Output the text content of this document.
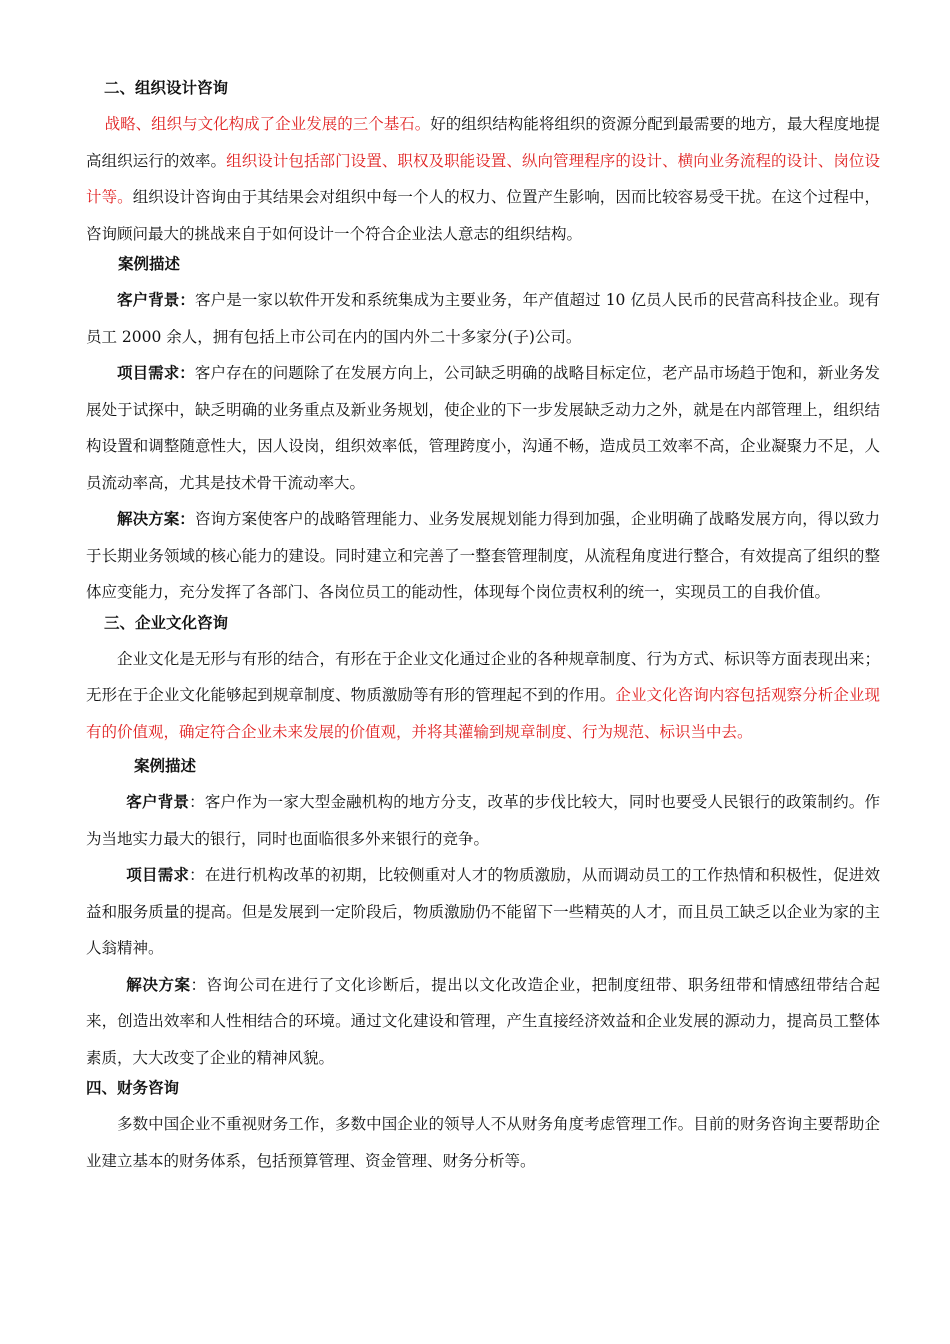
二、组织设计咨询

战略、组织与文化构成了企业发展的三个基石。好的组织结构能将组织的资源分配到最需要的地方，最大程度地提高组织运行的效率。组织设计包括部门设置、职权及职能设置、纵向管理程序的设计、横向业务流程的设计、岗位设计等。组织设计咨询由于其结果会对组织中每一个人的权力、位置产生影响，因而比较容易受干扰。在这个过程中，咨询顾问最大的挑战来自于如何设计一个符合企业法人意志的组织结构。

案例描述

客户背景：客户是一家以软件开发和系统集成为主要业务，年产值超过 10 亿员人民币的民营高科技企业。现有员工 2000 余人，拥有包括上市公司在内的国内外二十多家分(子)公司。

项目需求：客户存在的问题除了在发展方向上，公司缺乏明确的战略目标定位，老产品市场趋于饱和，新业务发展处于试探中，缺乏明确的业务重点及新业务规划，使企业的下一步发展缺乏动力之外，就是在内部管理上，组织结构设置和调整随意性大，因人设岗，组织效率低，管理跨度小，沟通不畅，造成员工效率不高，企业凝聚力不足，人员流动率高，尤其是技术骨干流动率大。

解决方案：咨询方案使客户的战略管理能力、业务发展规划能力得到加强，企业明确了战略发展方向，得以致力于长期业务领域的核心能力的建设。同时建立和完善了一整套管理制度，从流程角度进行整合，有效提高了组织的整体应变能力，充分发挥了各部门、各岗位员工的能动性，体现每个岗位责权利的统一，实现员工的自我价值。

三、企业文化咨询

企业文化是无形与有形的结合，有形在于企业文化通过企业的各种规章制度、行为方式、标识等方面表现出来；无形在于企业文化能够起到规章制度、物质激励等有形的管理起不到的作用。企业文化咨询内容包括观察分析企业现有的价值观，确定符合企业未来发展的价值观，并将其灌输到规章制度、行为规范、标识当中去。

案例描述

客户背景：客户作为一家大型金融机构的地方分支，改革的步伐比较大，同时也要受人民银行的政策制约。作为当地实力最大的银行，同时也面临很多外来银行的竞争。

项目需求：在进行机构改革的初期，比较侧重对人才的物质激励，从而调动员工的工作热情和积极性，促进效益和服务质量的提高。但是发展到一定阶段后，物质激励仍不能留下一些精英的人才，而且员工缺乏以企业为家的主人翁精神。

解决方案：咨询公司在进行了文化诊断后，提出以文化改造企业，把制度纽带、职务纽带和情感纽带结合起来，创造出效率和人性相结合的环境。通过文化建设和管理，产生直接经济效益和企业发展的源动力，提高员工整体素质，大大改变了企业的精神风貌。

四、财务咨询

多数中国企业不重视财务工作，多数中国企业的领导人不从财务角度考虑管理工作。目前的财务咨询主要帮助企业建立基本的财务体系，包括预算管理、资金管理、财务分析等。
